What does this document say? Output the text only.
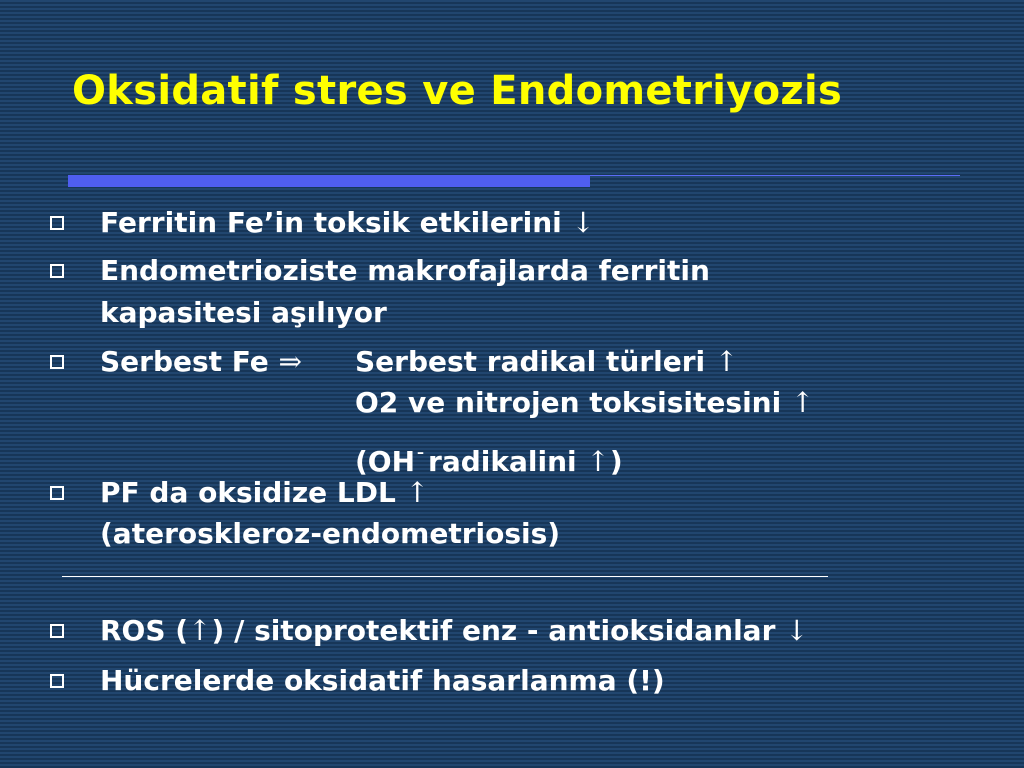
Oksidatif stres ve Endometriyozis
Ferritin Fe’in toksik etkilerini ↓
Endometrioziste makrofajlarda ferritin
kapasitesi aşılıyor
Serbest Fe ⇒ Serbest radikal türleri ↑
O2 ve nitrojen toksisitesini ↑
(OH – radikalini ↑)
PF da oksidize LDL ↑
(ateroskleroz-endometriosis)
ROS (↑) / sitoprotektif enz - antioksidanlar ↓
Hücrelerde oksidatif hasarlanma (!)
